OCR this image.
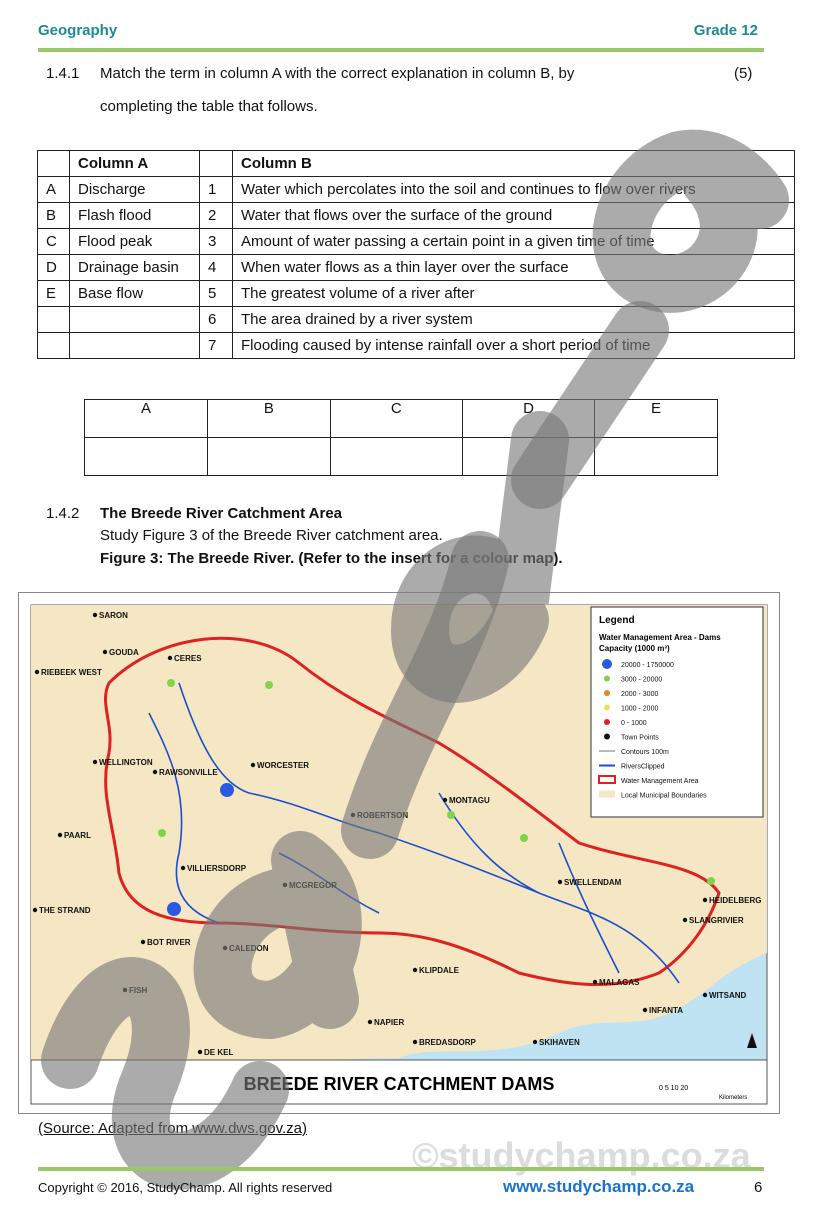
Geography	Grade 12
1.4.1 Match the term in column A with the correct explanation in column B, by	(5)
completing the table that follows.
	Column A		Column B
A	Discharge	1	Water which percolates into the soil and continues to flow over rivers
B	Flash flood	2	Water that flows over the surface of the ground
C	Flood peak	3	Amount of water passing a certain point in a given time of time
D	Drainage basin	4	When water flows as a thin layer over the surface
E	Base flow	5	The greatest volume of a river after
		6	The area drained by a river system
		7	Flooding caused by intense rainfall over a short period of time
A	B	C	D	E

1.4.2 The Breede River Catchment Area
Study Figure 3 of the Breede River catchment area.
Figure 3: The Breede River. (Refer to the insert for a colour map).
SARON
GOUDA
RIEBEEK WEST
CERES
WELLINGTON
RAWSONVILLE
WORCESTER
PAARL
ROBERTSON
MONTAGU
SWELLENDAM
HEIDELBERG
SLANGRIVIER
THE STRAND
BOT RIVER
CALEDON
KLIPDALE
MALAGAS
WITSAND
INFANTA
FISH
NAPIER
BREDASDORP	SKIHAVEN
DE KEL
VILLIERSDORP
MCGREGOR
Legend
Water Management Area - Dams
Capacity (1000 m³)
20000 - 1750000
3000 - 20000
2000 - 3000
1000 - 2000
0 - 1000
Town Points
Contours 100m
RiversClipped
Water Management Area
Local Municipal Boundaries
BREEDE RIVER CATCHMENT DAMS	0 5 10 20
Kilometers
(Source: Adapted from www.dws.gov.za)
©studychamp.co.za
Copyright © 2016, StudyChamp. All rights reserved	www.studychamp.co.za	6
